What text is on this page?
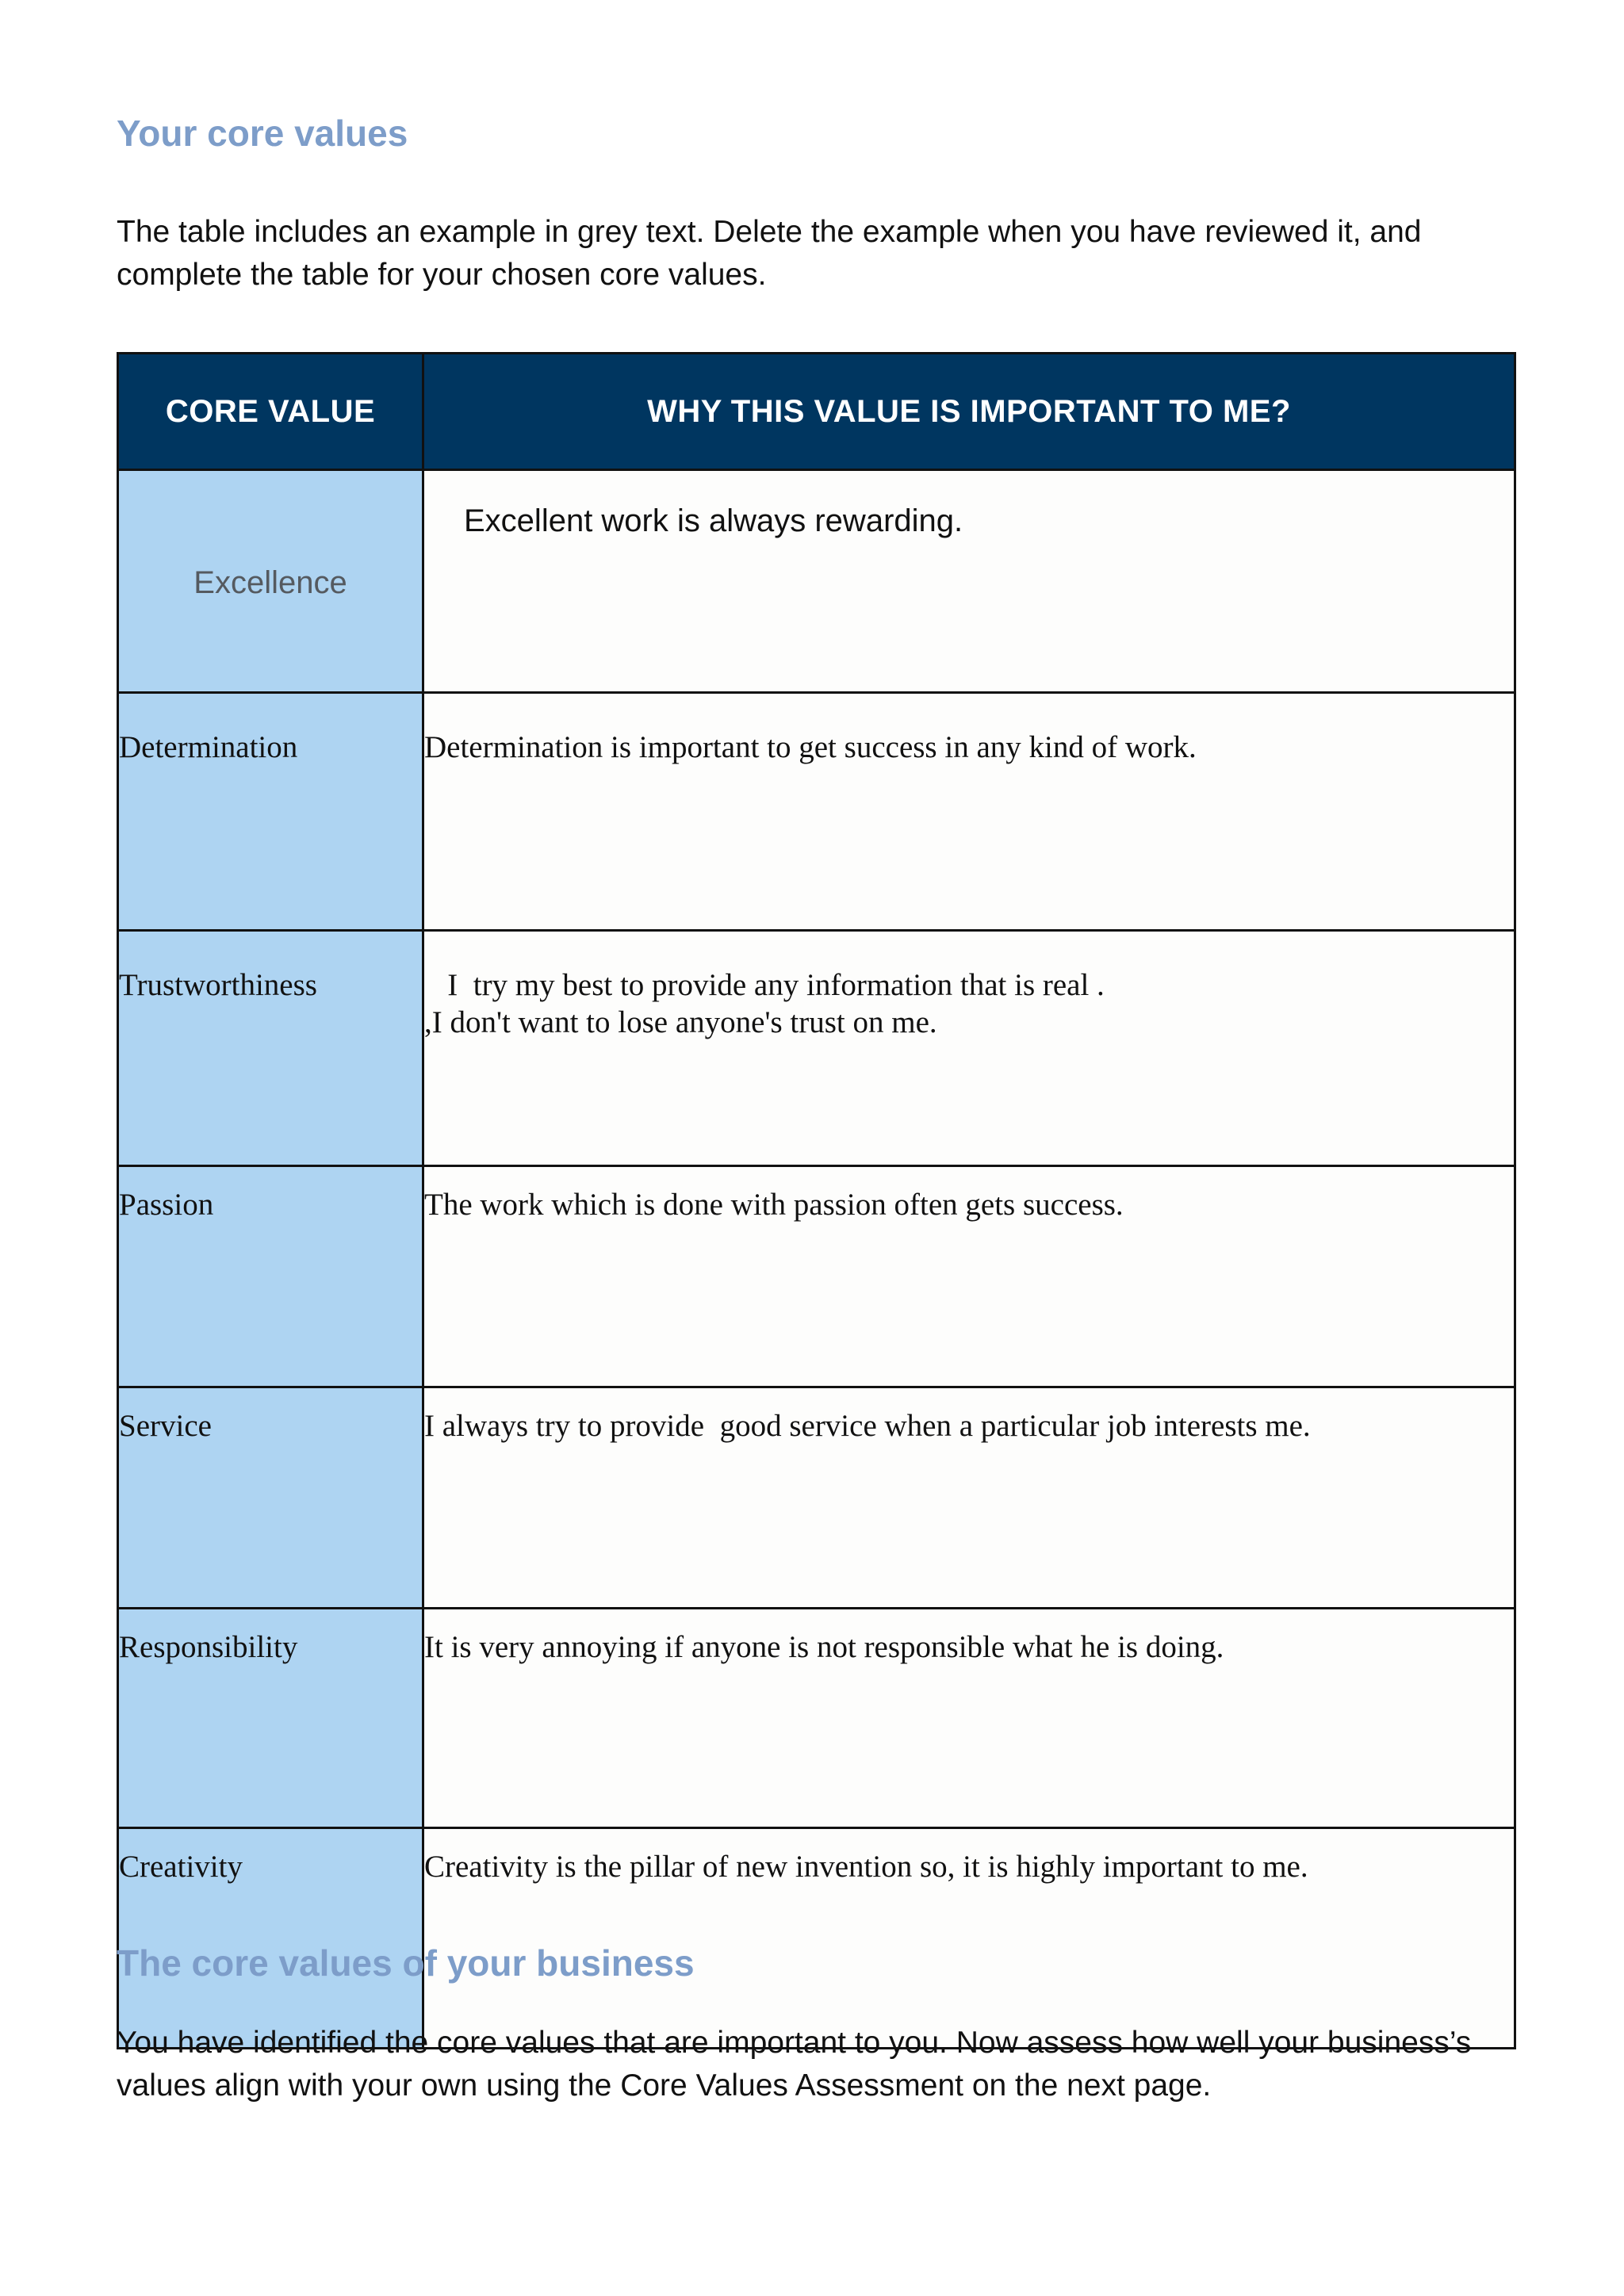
Your core values

The table includes an example in grey text. Delete the example when you have reviewed it, and complete the table for your chosen core values.

CORE VALUE	WHY THIS VALUE IS IMPORTANT TO ME?

Excellence	Excellent work is always rewarding.

Determination	Determination is important to get success in any kind of work.

Trustworthiness	I  try my best to provide any information that is real .
,I don't want to lose anyone's trust on me.

Passion	The work which is done with passion often gets success.

Service	I always try to provide  good service when a particular job interests me.

Responsibility	It is very annoying if anyone is not responsible what he is doing.

Creativity	Creativity is the pillar of new invention so, it is highly important to me.
The core values of your business

You have identified the core values that are important to you. Now assess how well your business’s values align with your own using the Core Values Assessment on the next page.
